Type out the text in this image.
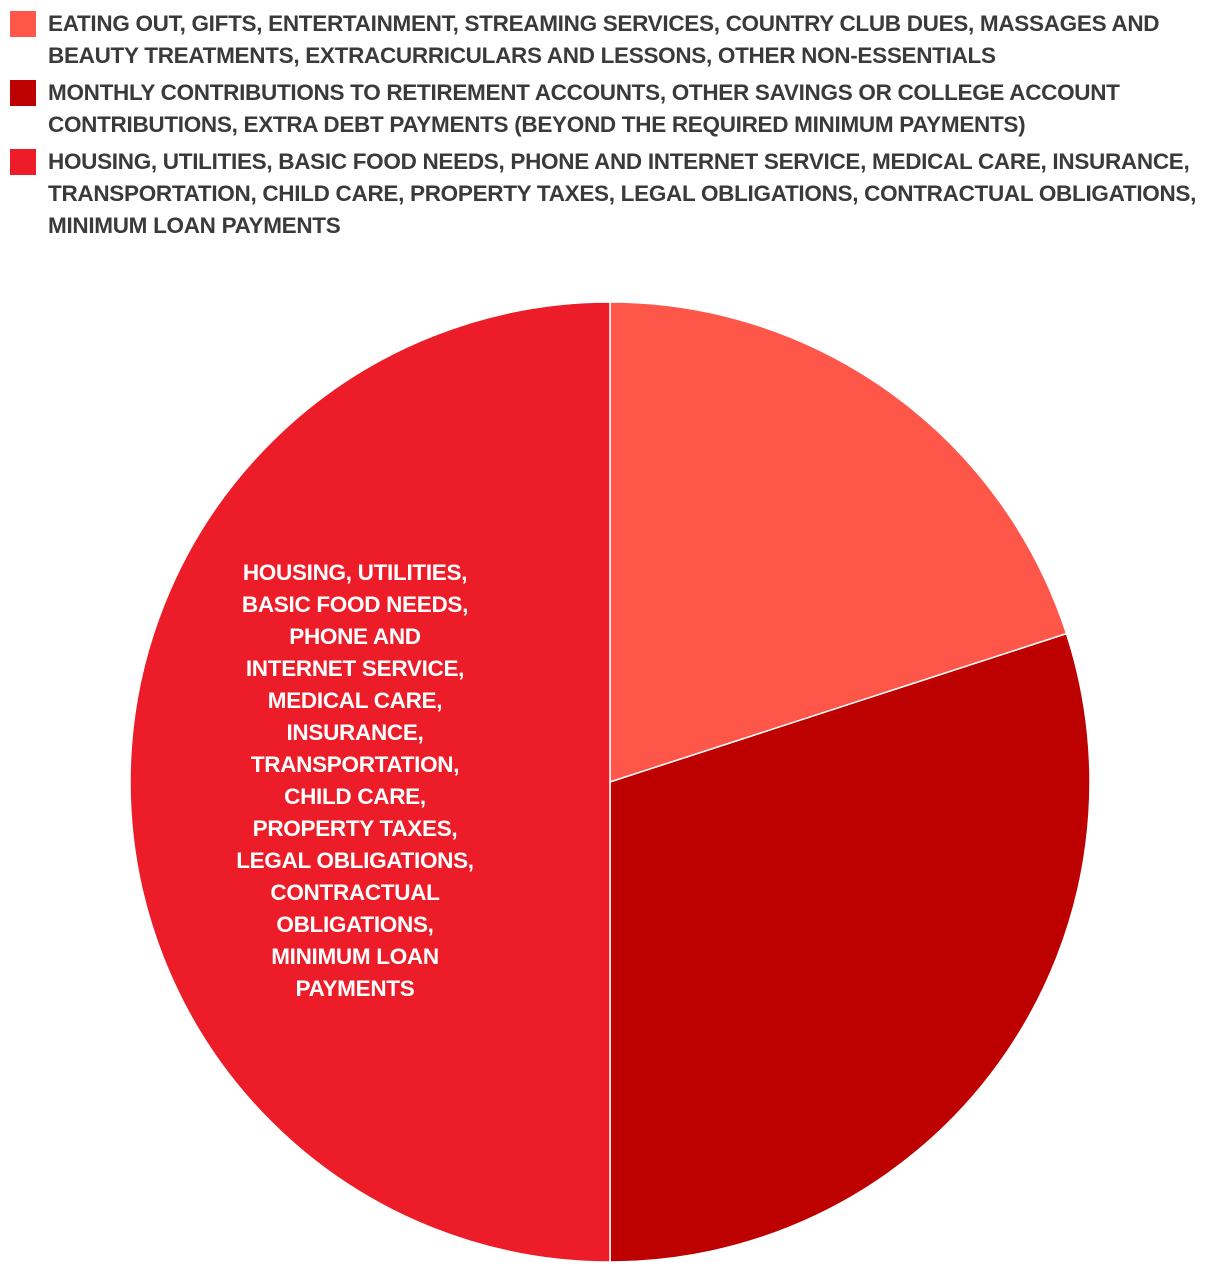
EATING OUT, GIFTS, ENTERTAINMENT, STREAMING SERVICES, COUNTRY CLUB DUES, MASSAGES AND BEAUTY TREATMENTS, EXTRACURRICULARS AND LESSONS, OTHER NON-ESSENTIALS
MONTHLY CONTRIBUTIONS TO RETIREMENT ACCOUNTS, OTHER SAVINGS OR COLLEGE ACCOUNT CONTRIBUTIONS, EXTRA DEBT PAYMENTS (BEYOND THE REQUIRED MINIMUM PAYMENTS)
HOUSING, UTILITIES, BASIC FOOD NEEDS, PHONE AND INTERNET SERVICE, MEDICAL CARE, INSURANCE, TRANSPORTATION, CHILD CARE, PROPERTY TAXES, LEGAL OBLIGATIONS, CONTRACTUAL OBLIGATIONS, MINIMUM LOAN PAYMENTS
HOUSING, UTILITIES,
BASIC FOOD NEEDS,
PHONE AND
INTERNET SERVICE,
MEDICAL CARE,
INSURANCE,
TRANSPORTATION,
CHILD CARE,
PROPERTY TAXES,
LEGAL OBLIGATIONS,
CONTRACTUAL
OBLIGATIONS,
MINIMUM LOAN
PAYMENTS
